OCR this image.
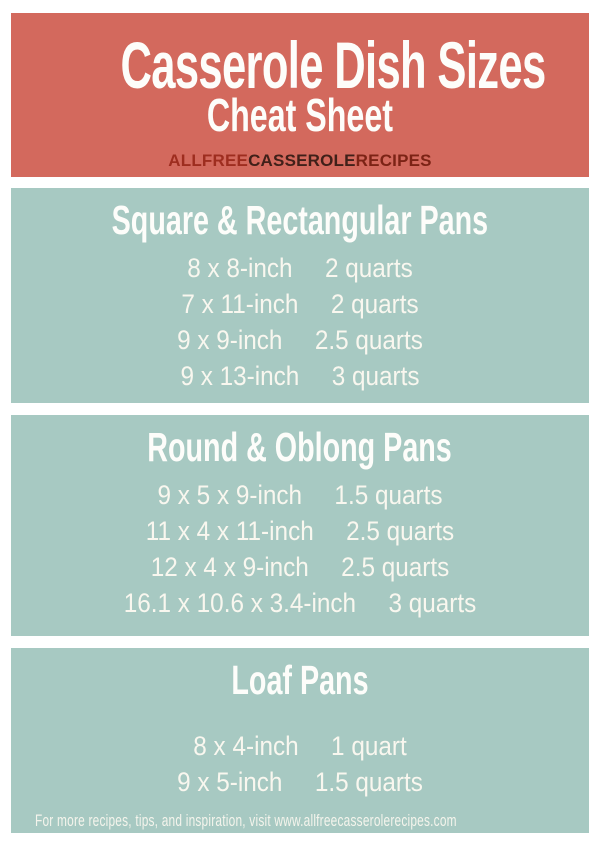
Casserole Dish Sizes
Cheat Sheet
ALLFREECASSEROLERECIPES
Square & Rectangular Pans
8 x 8-inch 2 quarts
7 x 11-inch 2 quarts
9 x 9-inch 2.5 quarts
9 x 13-inch 3 quarts
Round & Oblong Pans
9 x 5 x 9-inch 1.5 quarts
11 x 4 x 11-inch 2.5 quarts
12 x 4 x 9-inch 2.5 quarts
16.1 x 10.6 x 3.4-inch 3 quarts
Loaf Pans
8 x 4-inch 1 quart
9 x 5-inch 1.5 quarts
For more recipes, tips, and inspiration, visit www.allfreecasserolerecipes.com
